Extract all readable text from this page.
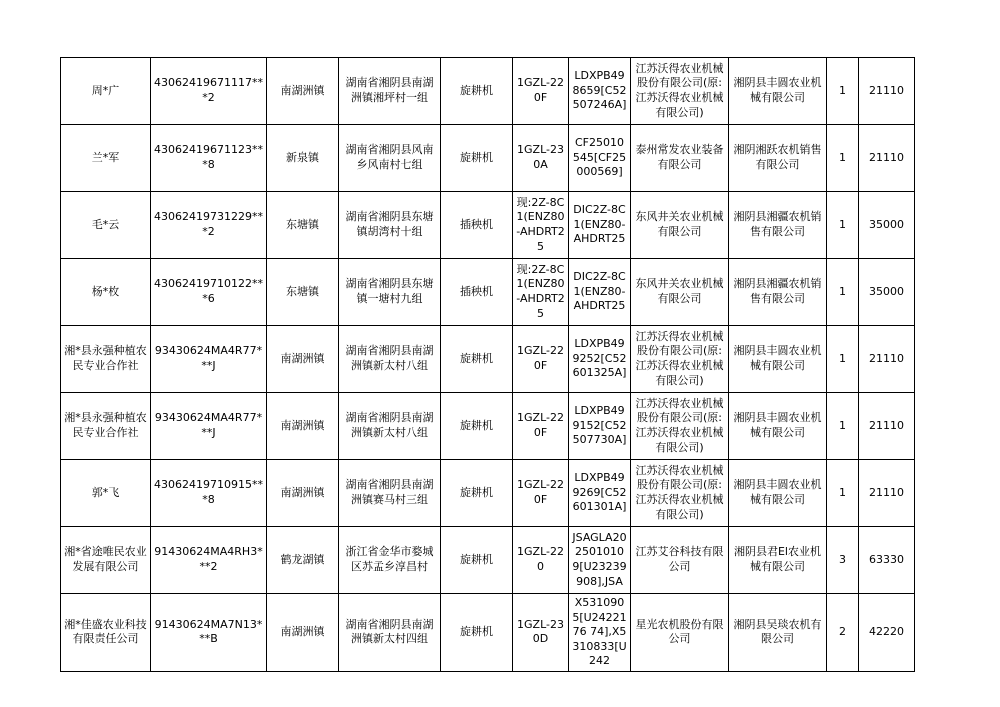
周*广	43062419671117***2	南湖洲镇	湖南省湘阴县南湖洲镇湘坪村一组	旋耕机	1GZL-220F	LDXPB498659[C52507246A]	江苏沃得农业机械股份有限公司(原:江苏沃得农业机械有限公司)	湘阴县丰圆农业机械有限公司	1	21110
兰*军	43062419671123***8	新泉镇	湖南省湘阴县风南乡风南村七组	旋耕机	1GZL-230A	CF25010545[CF25000569]	泰州常发农业装备有限公司	湘阴湘跃农机销售有限公司	1	21110
毛*云	43062419731229***2	东塘镇	湖南省湘阴县东塘镇胡湾村十组	插秧机	现:2Z-8C1(ENZ80-AHDRT25	DIC2Z-8C1(ENZ80-AHDRT25	东风井关农业机械有限公司	湘阴县湘疆农机销售有限公司	1	35000
杨*枚	43062419710122***6	东塘镇	湖南省湘阴县东塘镇一塘村九组	插秧机	现:2Z-8C1(ENZ80-AHDRT25	DIC2Z-8C1(ENZ80-AHDRT25	东风井关农业机械有限公司	湘阴县湘疆农机销售有限公司	1	35000
湘*县永强种植农民专业合作社	93430624MA4R77***J	南湖洲镇	湖南省湘阴县南湖洲镇新太村八组	旋耕机	1GZL-220F	LDXPB499252[C52601325A]	江苏沃得农业机械股份有限公司(原:江苏沃得农业机械有限公司)	湘阴县丰圆农业机械有限公司	1	21110
湘*县永强种植农民专业合作社	93430624MA4R77***J	南湖洲镇	湖南省湘阴县南湖洲镇新太村八组	旋耕机	1GZL-220F	LDXPB499152[C52507730A]	江苏沃得农业机械股份有限公司(原:江苏沃得农业机械有限公司)	湘阴县丰圆农业机械有限公司	1	21110
郭*飞	43062419710915***8	南湖洲镇	湖南省湘阴县南湖洲镇赛马村三组	旋耕机	1GZL-220F	LDXPB499269[C52601301A]	江苏沃得农业机械股份有限公司(原:江苏沃得农业机械有限公司)	湘阴县丰圆农业机械有限公司	1	21110
湘*省途唯民农业发展有限公司	91430624MA4RH3***2	鹤龙湖镇	浙江省金华市婺城区苏孟乡淳昌村	旋耕机	1GZL-220	JSAGLA202501010 9[U23239908],JSA	江苏艾谷科技有限公司	湘阴县君El农业机械有限公司	3	63330
湘*佳盛农业科技有限责任公司	91430624MA7N13***B	南湖洲镇	湖南省湘阴县南湖洲镇新太村四组	旋耕机	1GZL-230D	X5310905[U2422176 74],X5310833[U242	星光农机股份有限公司	湘阴县吴琰农机有限公司	2	42220
